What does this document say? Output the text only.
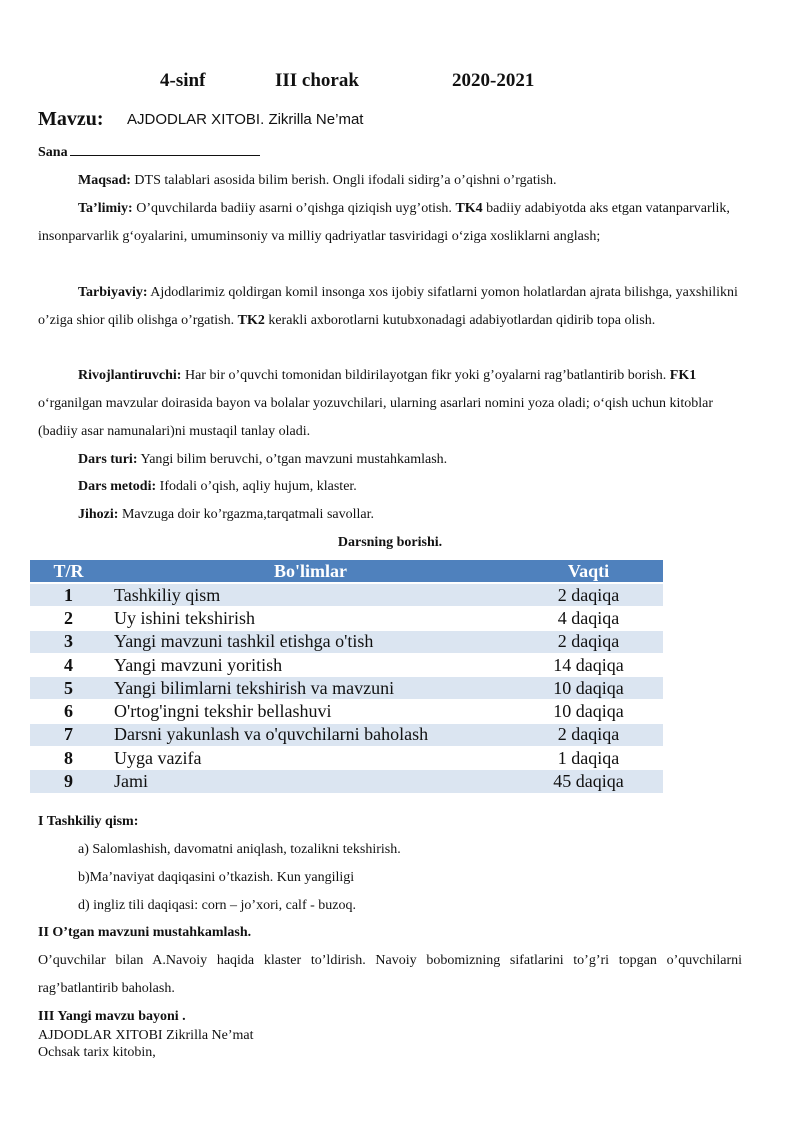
4-sinf	III chorak	2020-2021
Mavzu: AJDODLAR XITOBI. Zikrilla Ne’mat
Sana
Maqsad: DTS talablari asosida bilim berish. Ongli ifodali sidirg’a o’qishni o’rgatish.
Ta’limiy: O’quvchilarda badiiy asarni o’qishga qiziqish uyg’otish. TK4 badiiy adabiyotda aks etgan vatanparvarlik, insonparvarlik g‘oyalarini, umuminsoniy va milliy qadriyatlar tasviridagi o‘ziga xosliklarni anglash;
Tarbiyaviy: Ajdodlarimiz qoldirgan komil insonga xos ijobiy sifatlarni yomon holatlardan ajrata bilishga, yaxshilikni o’ziga shior qilib olishga o’rgatish. TK2 kerakli axborotlarni kutubxonadagi adabiyotlardan qidirib topa olish.
Rivojlantiruvchi: Har bir o’quvchi tomonidan bildirilayotgan fikr yoki g’oyalarni rag’batlantirib borish. FK1 o‘rganilgan mavzular doirasida bayon va bolalar yozuvchilari, ularning asarlari nomini yoza oladi; o‘qish uchun kitoblar (badiiy asar namunalari)ni mustaqil tanlay oladi.
Dars turi: Yangi bilim beruvchi, o’tgan mavzuni mustahkamlash.
Dars metodi: Ifodali o’qish, aqliy hujum, klaster.
Jihozi: Mavzuga doir ko’rgazma,tarqatmali savollar.
Darsning borishi.
T/R	Bo'limlar	Vaqti
1	Tashkiliy qism	2 daqiqa
2	Uy ishini tekshirish	4 daqiqa
3	Yangi mavzuni tashkil etishga o'tish	2 daqiqa
4	Yangi mavzuni yoritish	14 daqiqa
5	Yangi bilimlarni tekshirish va mavzuni	10 daqiqa
6	O'rtog'ingni tekshir bellashuvi	10 daqiqa
7	Darsni yakunlash va o'quvchilarni baholash	2 daqiqa
8	Uyga vazifa	1 daqiqa
9	Jami	45 daqiqa
I Tashkiliy qism:
a) Salomlashish, davomatni aniqlash, tozalikni tekshirish.
b)Ma’naviyat daqiqasini o’tkazish. Kun yangiligi
d) ingliz tili daqiqasi: corn – jo’xori, calf - buzoq.
II O’tgan mavzuni mustahkamlash.
O’quvchilar bilan A.Navoiy haqida klaster to’ldirish. Navoiy bobomizning sifatlarini to’g’ri topgan o’quvchilarni rag’batlantirib baholash.
III Yangi mavzu bayoni .
AJDODLAR XITOBI Zikrilla Ne’mat
Ochsak tarix kitobin,
